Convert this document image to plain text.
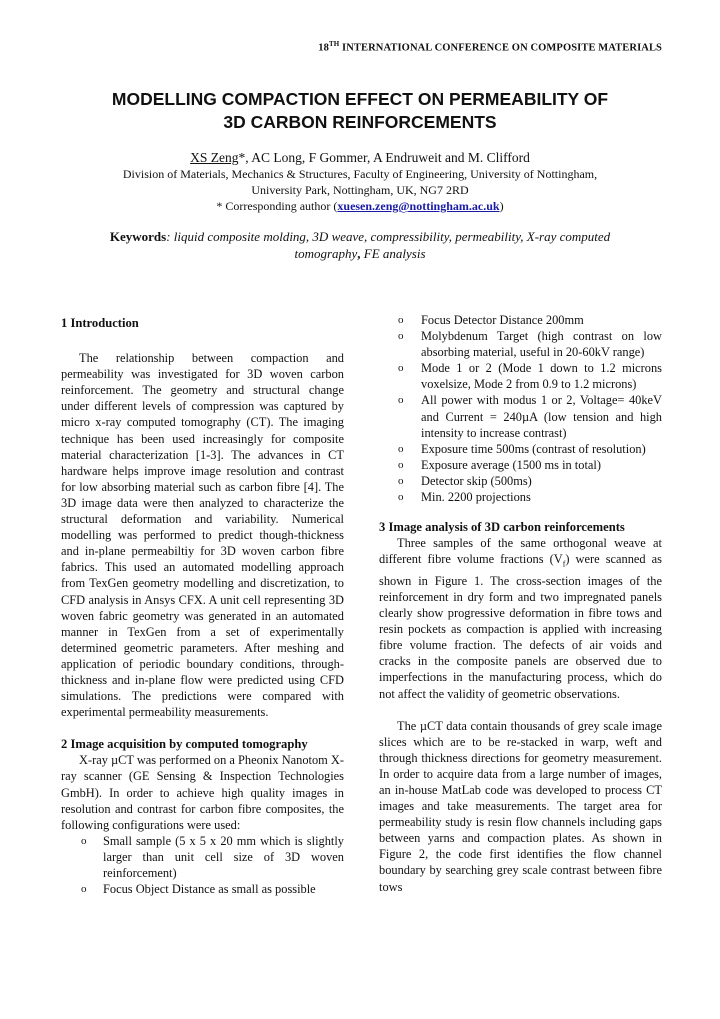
18TH INTERNATIONAL CONFERENCE ON COMPOSITE MATERIALS
MODELLING COMPACTION EFFECT ON PERMEABILITY OF
3D CARBON REINFORCEMENTS
XS Zeng*, AC Long, F Gommer, A Endruweit and M. Clifford
Division of Materials, Mechanics & Structures, Faculty of Engineering, University of Nottingham,
University Park, Nottingham, UK, NG7 2RD
* Corresponding author (xuesen.zeng@nottingham.ac.uk)
Keywords: liquid composite molding, 3D weave, compressibility, permeability, X-ray computed
tomography, FE analysis
1 Introduction

The relationship between compaction and permeability was investigated for 3D woven carbon reinforcement. The geometry and structural change under different levels of compression was captured by micro x-ray computed tomography (CT). The imaging technique has been used increasingly for composite material characterization [1-3]. The advances in CT hardware helps improve image resolution and contrast for low absorbing material such as carbon fibre [4]. The 3D image data were then analyzed to characterize the structural deformation and variability. Numerical modelling was performed to predict though-thickness and in-plane permeabiltiy for 3D woven carbon fibre fabrics. This used an automated modelling approach from TexGen geometry modelling and discretization, to CFD analysis in Ansys CFX. A unit cell representing 3D woven fabric geometry was generated in an automated manner in TexGen from a set of experimentally determined geometric parameters. After meshing and application of periodic boundary conditions, through-thickness and in-plane flow were predicted using CFD simulations. The predictions were compared with experimental permeability measurements.

2 Image acquisition by computed tomography

X-ray µCT was performed on a Pheonix Nanotom X-ray scanner (GE Sensing & Inspection Technologies GmbH). In order to achieve high quality images in resolution and contrast for carbon fibre composites, the following configurations were used:

o Small sample (5 x 5 x 20 mm which is slightly larger than unit cell size of 3D woven reinforcement)
o Focus Object Distance as small as possible
o Focus Detector Distance 200mm
o Molybdenum Target (high contrast on low absorbing material, useful in 20-60kV range)
o Mode 1 or 2 (Mode 1 down to 1.2 microns voxelsize, Mode 2 from 0.9 to 1.2 microns)
o All power with modus 1 or 2, Voltage= 40keV and Current = 240µA (low tension and high intensity to increase contrast)
o Exposure time 500ms (contrast of resolution)
o Exposure average (1500 ms in total)
o Detector skip (500ms)
o Min. 2200 projections
3 Image analysis of 3D carbon reinforcements

Three samples of the same orthogonal weave at different fibre volume fractions $(V_f)$ were scanned as shown in Figure 1. The cross-section images of the reinforcement in dry form and two impregnated panels clearly show progressive deformation in fibre tows and resin pockets as compaction is applied with increasing fibre volume fraction. The defects of air voids and cracks in the composite panels are observed due to imperfections in the manufacturing process, which do not affect the validity of geometric observations.

The µCT data contain thousands of grey scale image slices which are to be re-stacked in warp, weft and through thickness directions for geometry measurement. In order to acquire data from a large number of images, an in-house MatLab code was developed to process CT images and take measurements. The target area for permeability study is resin flow channels including gaps between yarns and compaction plates. As shown in Figure 2, the code first identifies the flow channel boundary by searching grey scale contrast between fibre tows
